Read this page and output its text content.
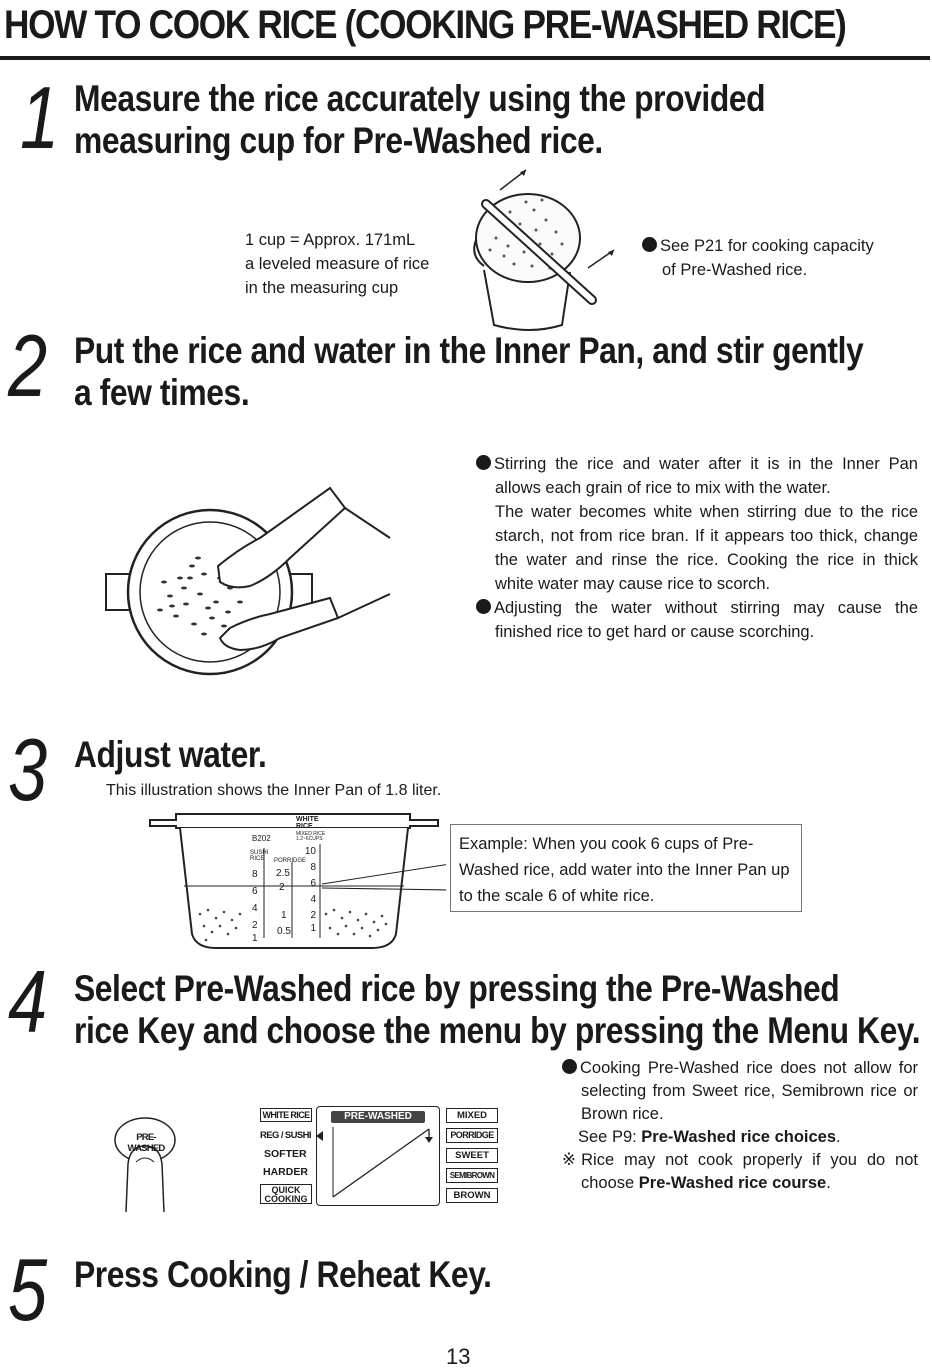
HOW TO COOK RICE (COOKING PRE-WASHED RICE)
1 Measure the rice accurately using the provided
measuring cup for Pre-Washed rice.
1 cup = Approx. 171mL
a leveled measure of rice
in the measuring cup
See P21 for cooking capacity
of Pre-Washed rice.
2 Put the rice and water in the Inner Pan, and stir gently
a few times.
Stirring the rice and water after it is in the Inner Pan allows each grain of rice to mix with the water.
The water becomes white when stirring due to the rice starch, not from rice bran. If it appears too thick, change the water and rinse the rice. Cooking the rice in thick white water may cause rice to scorch.
Adjusting the water without stirring may cause the finished rice to get hard or cause scorching.
3 Adjust water.
This illustration shows the Inner Pan of 1.8 liter.
B202
WHITE RICE
MIXED RICE 1.2~6CUPS
SUSHI RICE	PORRIDGE
8
6
4
2
1
2.5
2
1
0.5
10
8
6
4
2
1
Example: When you cook 6 cups of Pre-Washed rice, add water into the Inner Pan up to the scale 6 of white rice.
4 Select Pre-Washed rice by pressing the Pre-Washed
rice Key and choose the menu by pressing the Menu Key.
PRE-WASHED
PRE-WASHED
WHITE RICE
REG / SUSHI
SOFTER
HARDER
QUICK COOKING
MIXED
PORRIDGE
SWEET
SEMIBROWN
BROWN
Cooking Pre-Washed rice does not allow for selecting from Sweet rice, Semibrown rice or Brown rice.
See P9: Pre-Washed rice choices.
※Rice may not cook properly if you do not choose Pre-Washed rice course.
5 Press Cooking / Reheat Key.
13
